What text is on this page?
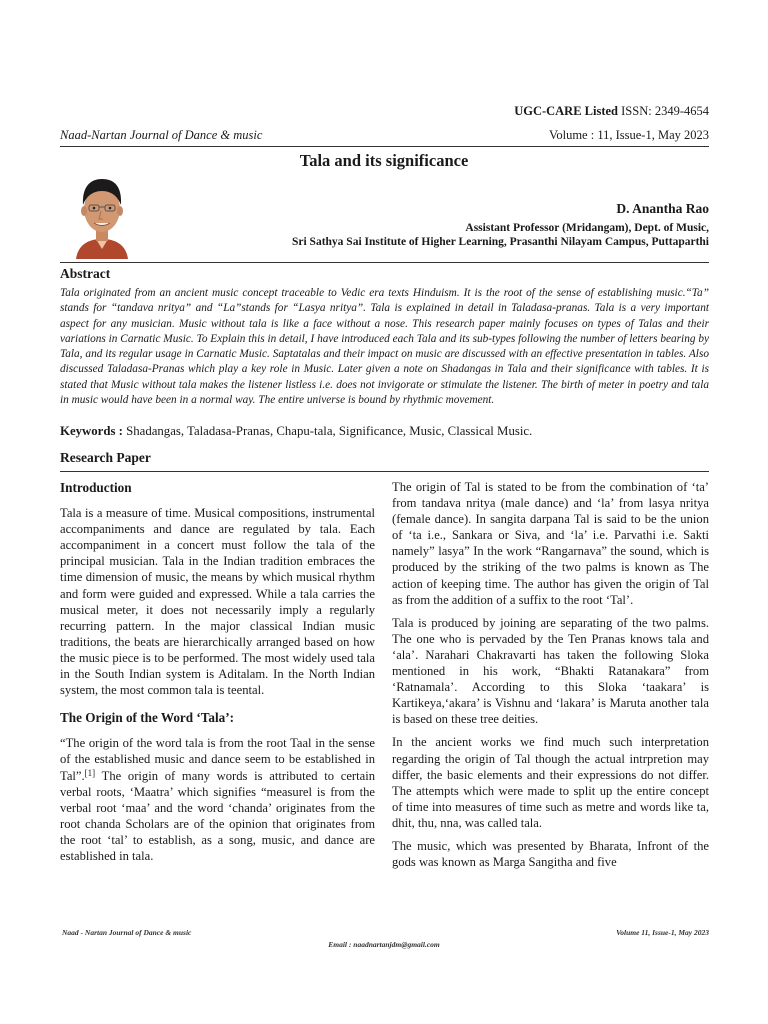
UGC-CARE Listed ISSN: 2349-4654
Naad-Nartan Journal of Dance & music	Volume : 11, Issue-1, May 2023
Tala and its significance
D. Anantha Rao
Assistant Professor (Mridangam), Dept. of Music,
Sri Sathya Sai Institute of Higher Learning, Prasanthi Nilayam Campus, Puttaparthi
Abstract
Tala originated from an ancient music concept traceable to Vedic era texts Hinduism. It is the root of the sense of establishing music.“Ta” stands for “tandava nritya” and “La”stands for “Lasya nritya”. Tala is explained in detail in Taladasa-pranas. Tala is a very important aspect for any musician. Music without tala is like a face without a nose. This research paper mainly focuses on types of Talas and their variations in Carnatic Music. To Explain this in detail, I have introduced each Tala and its sub-types following the number of letters bearing by Tala, and its regular usage in Carnatic Music. Saptatalas and their impact on music are discussed with an effective presentation in tables. Also discussed Taladasa-Pranas which play a key role in Music. Later given a note on Shadangas in Tala and their significance with tables. It is stated that Music without tala makes the listener listless i.e. does not invigorate or stimulate the listener. The birth of meter in poetry and tala in music would have been in a normal way. The entire universe is bound by rhythmic movement.
Keywords : Shadangas, Taladasa-Pranas, Chapu-tala, Significance, Music, Classical Music.
Research Paper
Introduction

Tala is a measure of time. Musical compositions, instrumental accompaniments and dance are regulated by tala. Each accompaniment in a concert must follow the tala of the principal musician. Tala in the Indian tradition embraces the time dimension of music, the means by which musical rhythm and form were guided and expressed. While a tala carries the musical meter, it does not necessarily imply a regularly recurring pattern. In the major classical Indian music traditions, the beats are hierarchically arranged based on how the music piece is to be performed. The most widely used tala in the South Indian system is Aditalam. In the North Indian system, the most common tala is teental.

The Origin of the Word ‘Tala’:

“The origin of the word tala is from the root Taal in the sense of the established music and dance seem to be established in Tal”.[1] The origin of many words is attributed to certain verbal roots, ‘Maatra’ which signifies “measurel is from the verbal root ‘maa’ and the word ‘chanda’ originates from the root chanda Scholars are of the opinion that originates from the root ‘tal’ to establish, as a song, music, and dance are established in tala.

The origin of Tal is stated to be from the combination of ‘ta’ from tandava nritya (male dance) and ‘la’ from lasya nritya (female dance). In sangita darpana Tal is said to be the union of ‘ta i.e., Sankara or Siva, and ‘la’ i.e. Parvathi i.e. Sakti namely” lasya” In the work “Rangarnava” the sound, which is produced by the striking of the two palms is known as The action of keeping time. The author has given the origin of Tal as from the addition of a suffix to the root ‘Tal’.

Tala is produced by joining are separating of the two palms. The one who is pervaded by the Ten Pranas knows tala and ‘ala’. Narahari Chakravarti has taken the following Sloka mentioned in his work, “Bhakti Ratanakara” from ‘Ratnamala’. According to this Sloka ‘taakara’ is Kartikeya,‘akara’ is Vishnu and ‘lakara’ is Maruta another tala is based on these tree deities.

In the ancient works we find much such interpretation regarding the origin of Tal though the actual intrpretion may differ, the basic elements and their expressions do not differ. The attempts which were made to split up the entire concept of time into measures of time such as metre and words like ta, dhit, thu, nna, was called tala.

The music, which was presented by Bharata, Infront of the gods was known as Marga Sangitha and five

Naad - Nartan Journal of Dance & music	Volume 11, Issue-1, May 2023
Email : naadnartanjdm@gmail.com
